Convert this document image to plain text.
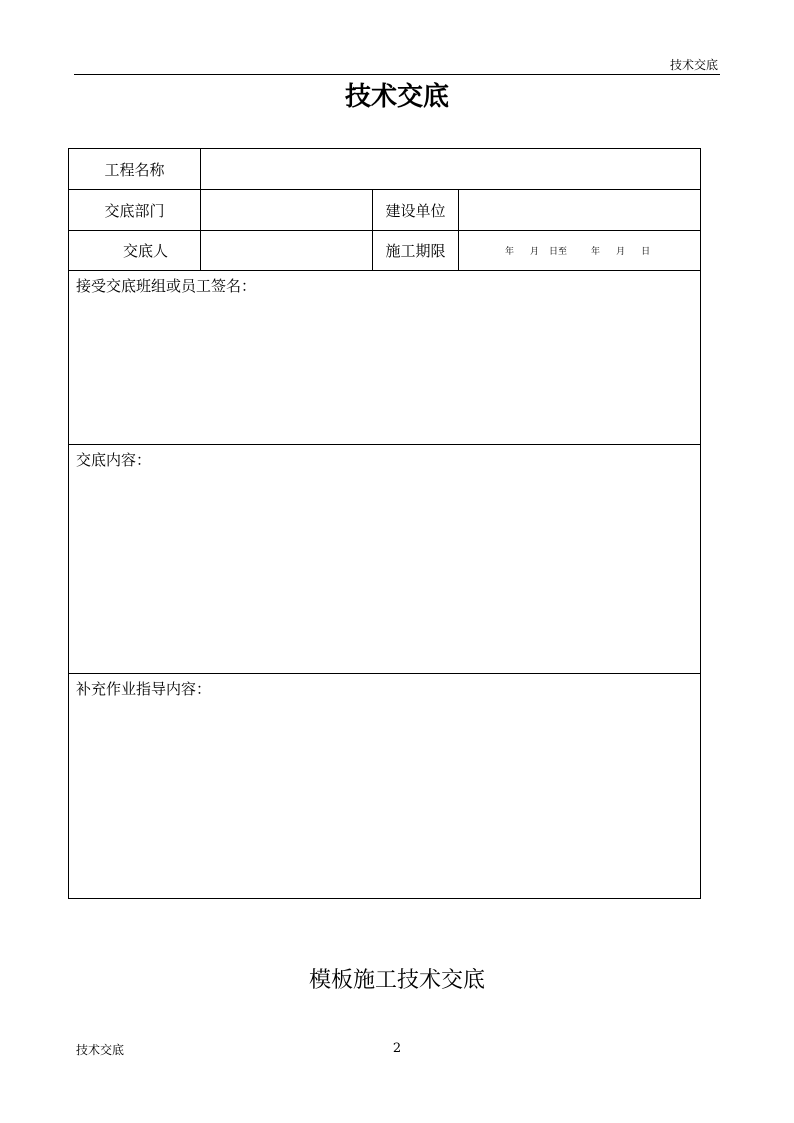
技术交底
技术交底
工程名称			
交底部门		建设单位	
交底人		施工期限	年 月 日至 年 月 日
接受交底班组或员工签名：			
交底内容：			
补充作业指导内容：			
模板施工技术交底
技术交底	2
